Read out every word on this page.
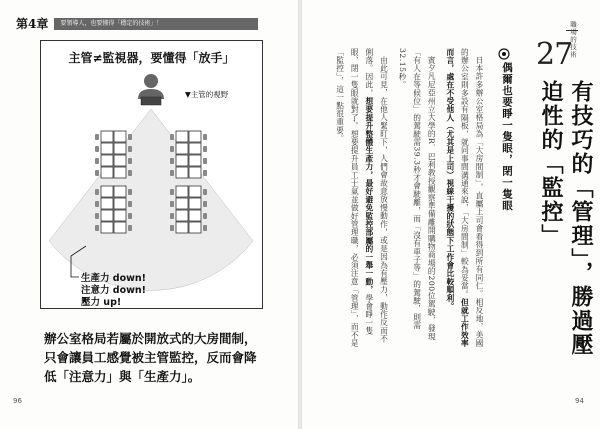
第4章	要領導人，也要懂得「穩定的技術」！
主管≠監視器，要懂得「放手」
▼主管的視野
生產力 down!
注意力 down!
壓力 up!
辦公室格局若屬於開放式的大房間制，只會讓員工感覺被主管監控，反而會降低「注意力」與「生產力」。
96
職場的技術
27
有技巧的「管理」，勝過壓迫性的「監控」
偶爾也要睜一隻眼，閉一隻眼
日本許多辦公室格局為「大房間制」，直屬上司會看得到所有同仁。相反地，美國的辦公室則多設有隔板，就同事間溝通來說，「大房間制」較為妥當。但就工作效率而言，處在不受他人（尤其是上司）視線干擾的狀態下工作會比較順利。
賓夕凡尼亞州立大學的R．巴利教授觀察準備離開購物商場的200位駕駛，發現「有人在等候位」的駕駛需39.3秒才會駛離，而「沒有車子等」的駕駛，則需32.15秒。
由此可見，在他人緊盯下，人們會故意放慢動作，或是因為有壓力，動作反而不俐落。因此，想要提升整體生產力，最好避免監控部屬的一舉一動，學會睜一隻眼、閉一隻眼就對了。想要提升員工士氣並做好管理職，必須注意「管理」，而不是「監控」，這一點很重要。
94
